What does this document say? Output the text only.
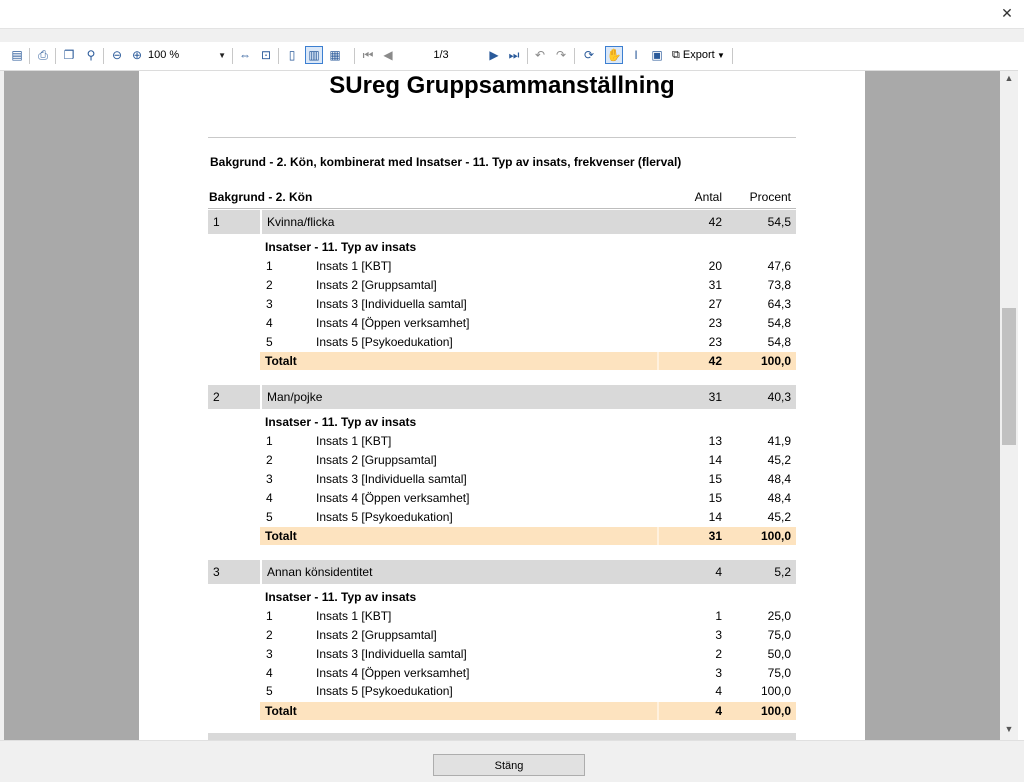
✕
▤ ⎙ ❐ ⚲	⊖ ⊕ 100 %	▼ ⇔ ⊡	▯	▥ ▦ ⏮ ◀	1/3	▶ ⏭ ↶ ↷ ⟳ ✋	I	▣ ⧉ Export ▼
SUreg Gruppsammanställning
Bakgrund - 2. Kön, kombinerat med Insatser - 11. Typ av insats, frekvenser (flerval)
Bakgrund - 2. Kön	Antal Procent
1	Kvinna/flicka	42	54,5
Insatser - 11. Typ av insats
1	Insats 1 [KBT]	20	47,6
2	Insats 2 [Gruppsamtal]	31	73,8
3	Insats 3 [Individuella samtal]	27	64,3
4	Insats 4 [Öppen verksamhet]	23	54,8
5	Insats 5 [Psykoedukation]	23	54,8
Totalt	42	100,0
2	Man/pojke	31	40,3
Insatser - 11. Typ av insats
1	Insats 1 [KBT]	13	41,9
2	Insats 2 [Gruppsamtal]	14	45,2
3	Insats 3 [Individuella samtal]	15	48,4
4	Insats 4 [Öppen verksamhet]	15	48,4
5	Insats 5 [Psykoedukation]	14	45,2
Totalt	31	100,0
3	Annan könsidentitet	4	5,2
Insatser - 11. Typ av insats
1	Insats 1 [KBT]	1	25,0
2	Insats 2 [Gruppsamtal]	3	75,0
3	Insats 3 [Individuella samtal]	2	50,0
4	Insats 4 [Öppen verksamhet]	3	75,0
5	Insats 5 [Psykoedukation]	4	100,0
Totalt	4	100,0
▲
▼
Stäng
